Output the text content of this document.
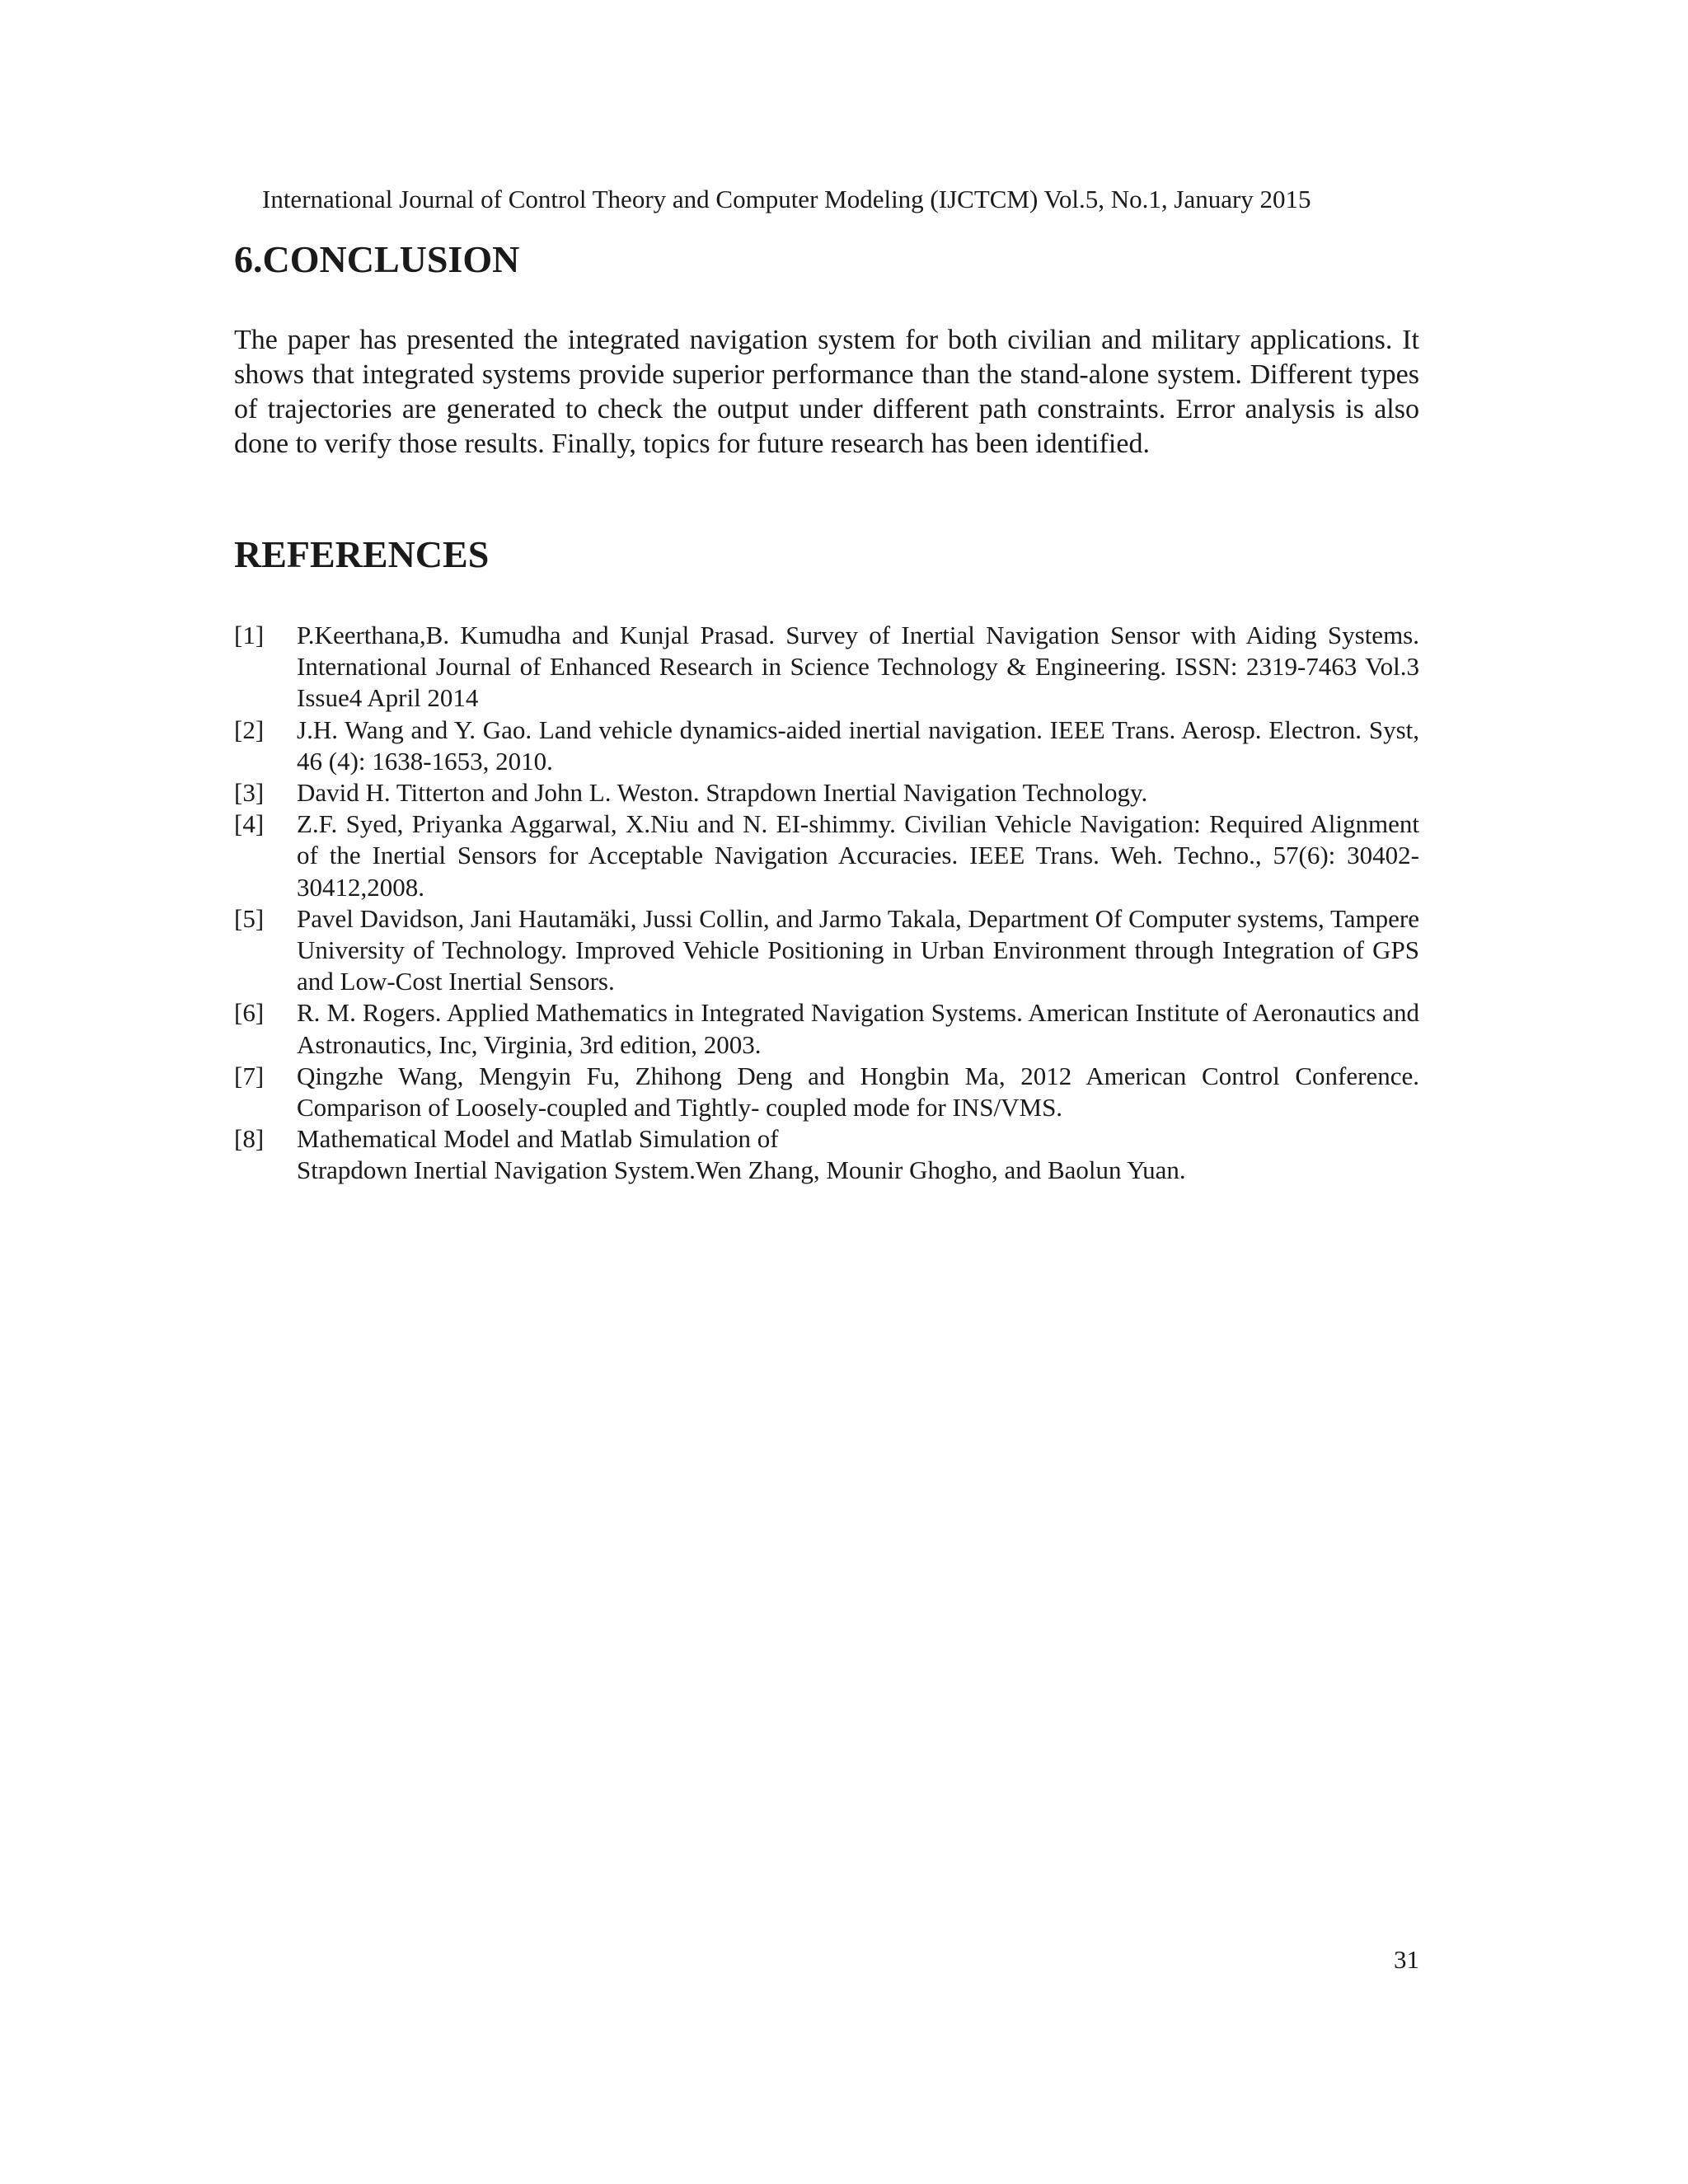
International Journal of Control Theory and Computer Modeling (IJCTCM) Vol.5, No.1, January 2015
6.CONCLUSION

The paper has presented the integrated navigation system for both civilian and military applications. It shows that integrated systems provide superior performance than the stand-alone system. Different types of trajectories are generated to check the output under different path constraints. Error analysis is also done to verify those results. Finally, topics for future research has been identified.

REFERENCES
[1]	P.Keerthana,B. Kumudha and Kunjal Prasad. Survey of Inertial Navigation Sensor with Aiding Systems. International Journal of Enhanced Research in Science Technology & Engineering. ISSN: 2319-7463 Vol.3 Issue4 April 2014
[2]	J.H. Wang and Y. Gao. Land vehicle dynamics-aided inertial navigation. IEEE Trans. Aerosp. Electron. Syst, 46 (4): 1638-1653, 2010.
[3]	David H. Titterton and John L. Weston. Strapdown Inertial Navigation Technology.
[4]	Z.F. Syed, Priyanka Aggarwal, X.Niu and N. EI-shimmy. Civilian Vehicle Navigation: Required Alignment of the Inertial Sensors for Acceptable Navigation Accuracies. IEEE Trans. Weh. Techno., 57(6): 30402-30412,2008.
[5]	Pavel Davidson, Jani Hautamäki, Jussi Collin, and Jarmo Takala, Department Of Computer systems, Tampere University of Technology. Improved Vehicle Positioning in Urban Environment through Integration of GPS and Low-Cost Inertial Sensors.
[6]	R. M. Rogers. Applied Mathematics in Integrated Navigation Systems. American Institute of Aeronautics and Astronautics, Inc, Virginia, 3rd edition, 2003.
[7]	Qingzhe Wang, Mengyin Fu, Zhihong Deng and Hongbin Ma, 2012 American Control Conference. Comparison of Loosely-coupled and Tightly- coupled mode for INS/VMS.
[8]	Mathematical Model and Matlab Simulation of
Strapdown Inertial Navigation System.Wen Zhang, Mounir Ghogho, and Baolun Yuan.
31
